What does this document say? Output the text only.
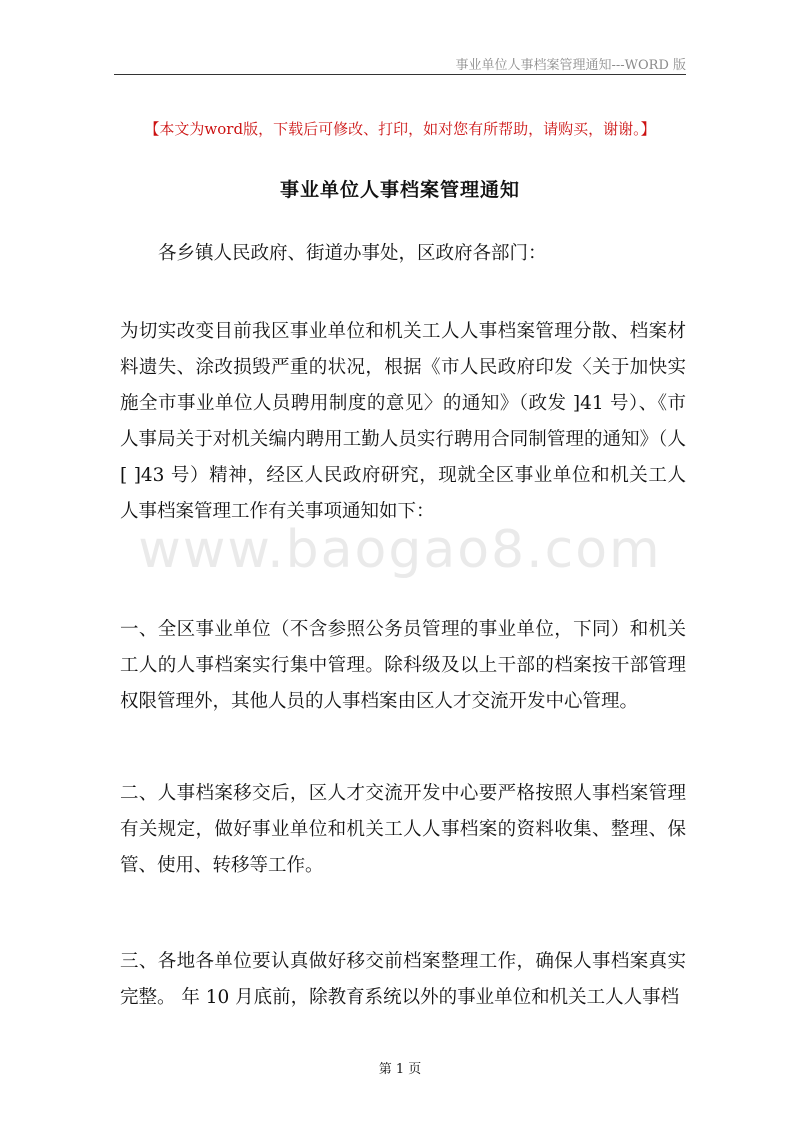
事业单位人事档案管理通知---WORD 版
【本文为word版，下载后可修改、打印，如对您有所帮助，请购买，谢谢。】
事业单位人事档案管理通知
各乡镇人民政府、街道办事处，区政府各部门：
为切实改变目前我区事业单位和机关工人人事档案管理分散、档案材料遗失、涂改损毁严重的状况，根据《市人民政府印发〈关于加快实施全市事业单位人员聘用制度的意见〉的通知》（政发 ]41 号）、《市人事局关于对机关编内聘用工勤人员实行聘用合同制管理的通知》（人[ ]43 号）精神，经区人民政府研究，现就全区事业单位和机关工人人事档案管理工作有关事项通知如下：
www.baogao8.com
一、全区事业单位（不含参照公务员管理的事业单位，下同）和机关工人的人事档案实行集中管理。除科级及以上干部的档案按干部管理权限管理外，其他人员的人事档案由区人才交流开发中心管理。
二、人事档案移交后，区人才交流开发中心要严格按照人事档案管理有关规定，做好事业单位和机关工人人事档案的资料收集、整理、保管、使用、转移等工作。
三、各地各单位要认真做好移交前档案整理工作，确保人事档案真实完整。 年 10 月底前，除教育系统以外的事业单位和机关工人人事档
第 1 页
